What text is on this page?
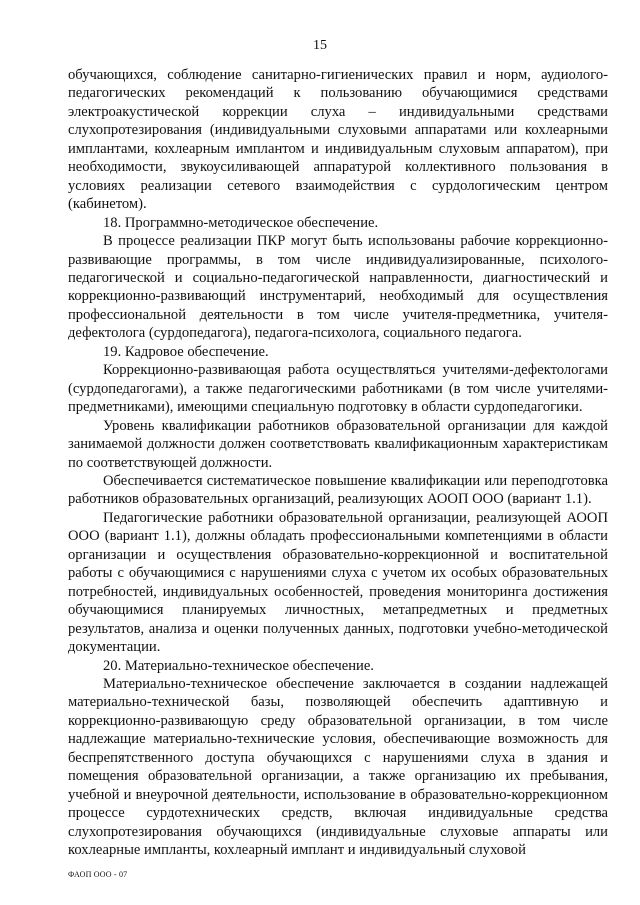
15

обучающихся, соблюдение санитарно-гигиенических правил и норм, аудиолого-педагогических рекомендаций к пользованию обучающимися средствами электроакустической коррекции слуха – индивидуальными средствами слухопротезирования (индивидуальными слуховыми аппаратами или кохлеарными имплантами, кохлеарным имплантом и индивидуальным слуховым аппаратом), при необходимости, звукоусиливающей аппаратурой коллективного пользования в условиях реализации сетевого взаимодействия с сурдологическим центром (кабинетом).

18. Программно-методическое обеспечение.

В процессе реализации ПКР могут быть использованы рабочие коррекционно-развивающие программы, в том числе индивидуализированные, психолого-педагогической и социально-педагогической направленности, диагностический и коррекционно-развивающий инструментарий, необходимый для осуществления профессиональной деятельности в том числе учителя-предметника, учителя-дефектолога (сурдопедагога), педагога-психолога, социального педагога.

19. Кадровое обеспечение.

Коррекционно-развивающая работа осуществляться учителями-дефектологами (сурдопедагогами), а также педагогическими работниками (в том числе учителями-предметниками), имеющими специальную подготовку в области сурдопедагогики.

Уровень квалификации работников образовательной организации для каждой занимаемой должности должен соответствовать квалификационным характеристикам по соответствующей должности.

Обеспечивается систематическое повышение квалификации или переподготовка работников образовательных организаций, реализующих АООП ООО (вариант 1.1).

Педагогические работники образовательной организации, реализующей АООП ООО (вариант 1.1), должны обладать профессиональными компетенциями в области организации и осуществления образовательно-коррекционной и воспитательной работы с обучающимися с нарушениями слуха с учетом их особых образовательных потребностей, индивидуальных особенностей, проведения мониторинга достижения обучающимися планируемых личностных, метапредметных и предметных результатов, анализа и оценки полученных данных, подготовки учебно-методической документации.

20. Материально-техническое обеспечение.

Материально-техническое обеспечение заключается в создании надлежащей материально-технической базы, позволяющей обеспечить адаптивную и коррекционно-развивающую среду образовательной организации, в том числе надлежащие материально-технические условия, обеспечивающие возможность для беспрепятственного доступа обучающихся с нарушениями слуха в здания и помещения образовательной организации, а также организацию их пребывания, учебной и внеурочной деятельности, использование в образовательно-коррекционном процессе сурдотехнических средств, включая индивидуальные средства слухопротезирования обучающихся (индивидуальные слуховые аппараты или кохлеарные импланты, кохлеарный имплант и индивидуальный слуховой

ФАОП ООО - 07
